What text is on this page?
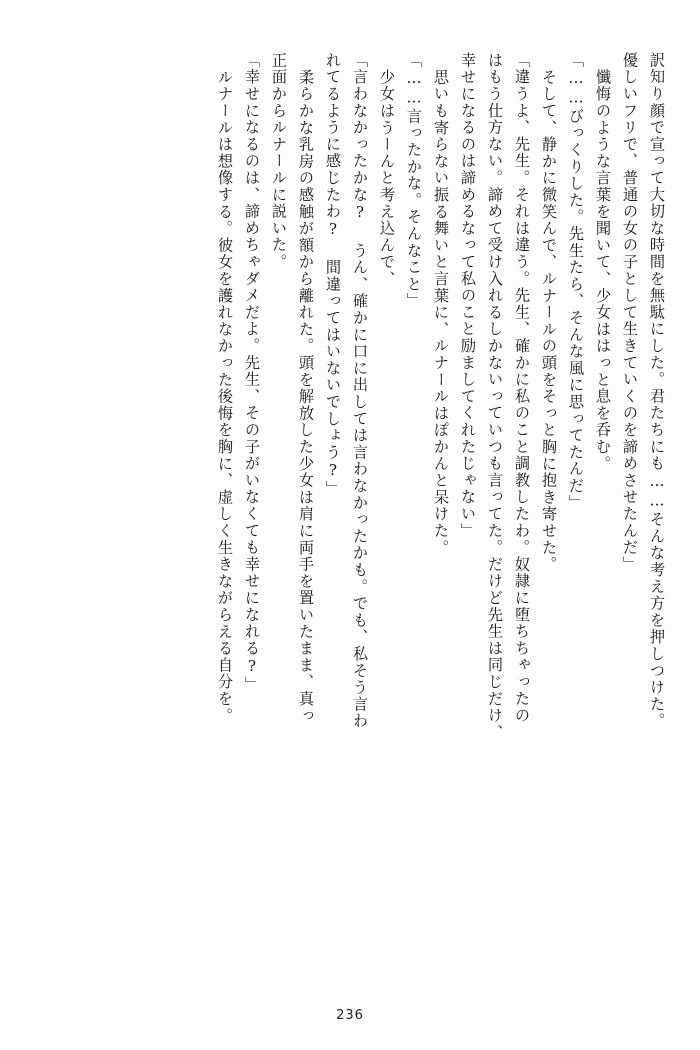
訳知り顔で宣って大切な時間を無駄にした。君たちにも……そんな考え方を押しつけた。
優しいフリで、普通の女の子として生きていくのを諦めさせたんだ」
懺悔のような言葉を聞いて、少女ははっと息を呑む。
「……びっくりした。先生たら、そんな風に思ってたんだ」
そして、静かに微笑んで、ルナールの頭をそっと胸に抱き寄せた。
「違うよ、先生。それは違う。先生、確かに私のこと調教したわ。奴隷に堕ちちゃったの
はもう仕方ない。諦めて受け入れるしかないっていつも言ってた。だけど先生は同じだけ、
幸せになるのは諦めるなって私のこと励ましてくれたじゃない」
思いも寄らない振る舞いと言葉に、ルナールはぽかんと呆けた。
「……言ったかな。そんなこと」
少女はうーんと考え込んで、
「言わなかったかな? うん、確かに口に出しては言わなかったかも。でも、私そう言わ
れてるように感じたわ? 間違ってはいないでしょう?」
柔らかな乳房の感触が額から離れた。頭を解放した少女は肩に両手を置いたまま、真っ
正面からルナールに説いた。
「幸せになるのは、諦めちゃダメだよ。先生、その子がいなくても幸せになれる?」
ルナールは想像する。彼女を護れなかった後悔を胸に、虚しく生きながらえる自分を。
236
